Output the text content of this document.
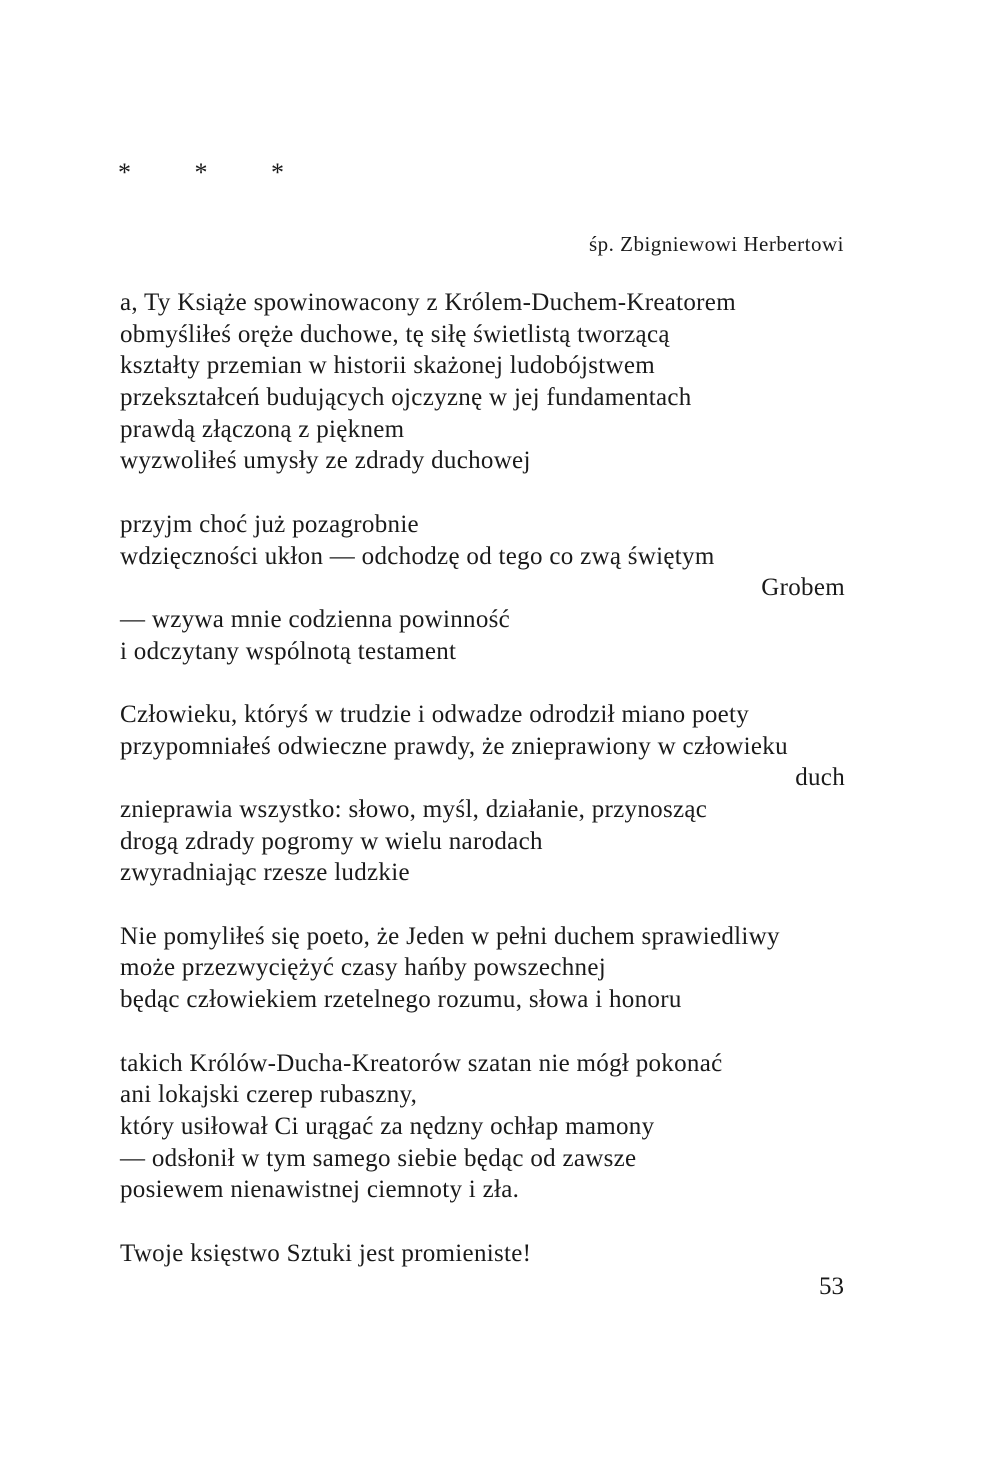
*   *   *
śp. Zbigniewowi Herbertowi
a, Ty Książe spowinowacony z Królem-Duchem-Kreatorem
obmyśliłeś oręże duchowe, tę siłę świetlistą tworzącą
kształty przemian w historii skażonej ludobójstwem
przekształceń budujących ojczyznę w jej fundamentach
prawdą złączoną z pięknem
wyzwoliłeś umysły ze zdrady duchowej
przyjm choć już pozagrobnie
wdzięczności ukłon — odchodzę od tego co zwą świętym
Grobem
— wzywa mnie codzienna powinność
i odczytany wspólnotą testament
Człowieku, któryś w trudzie i odwadze odrodził miano poety
przypomniałeś odwieczne prawdy, że znieprawiony w człowieku
duch
znieprawia wszystko: słowo, myśl, działanie, przynosząc
drogą zdrady pogromy w wielu narodach
zwyradniając rzesze ludzkie
Nie pomyliłeś się poeto, że Jeden w pełni duchem sprawiedliwy
może przezwyciężyć czasy hańby powszechnej
będąc człowiekiem rzetelnego rozumu, słowa i honoru
takich Królów-Ducha-Kreatorów szatan nie mógł pokonać
ani lokajski czerep rubaszny,
który usiłował Ci urągać za nędzny ochłap mamony
— odsłonił w tym samego siebie będąc od zawsze
posiewem nienawistnej ciemnoty i zła.
Twoje księstwo Sztuki jest promieniste!
53
